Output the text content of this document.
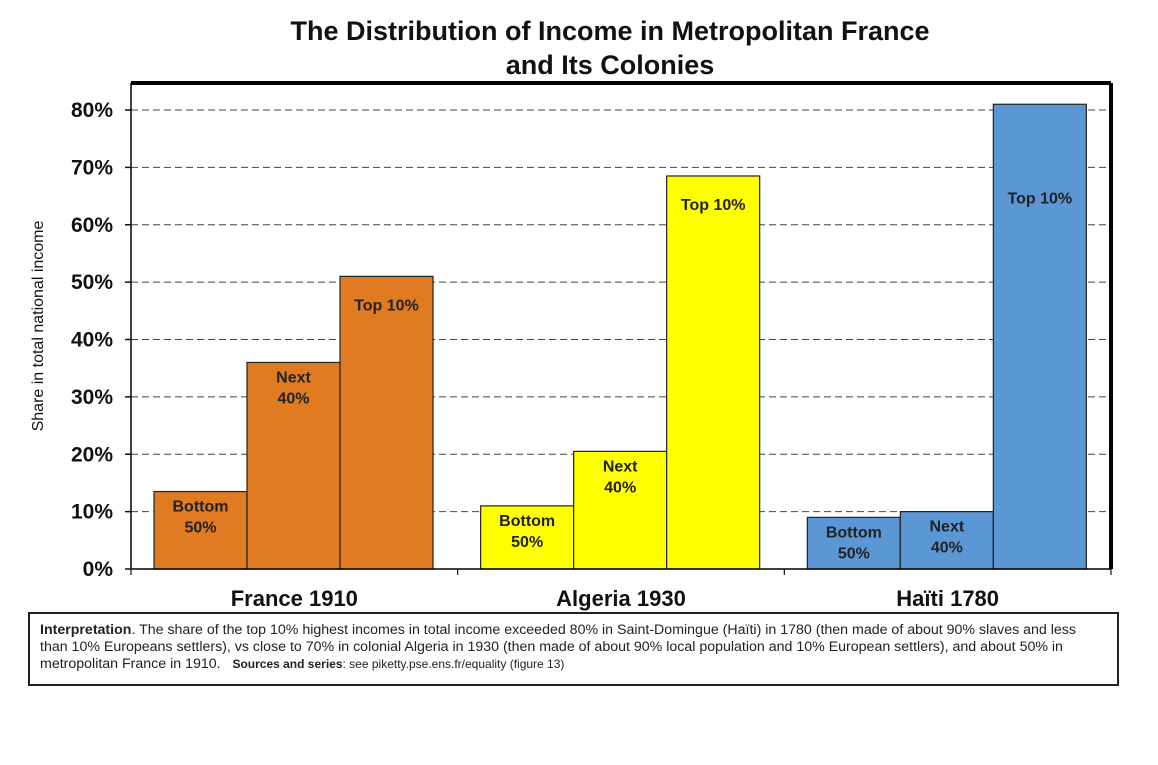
The Distribution of Income in Metropolitan France
and Its Colonies
0%
10%
20%
30%
40%
50%
60%
70%
80%
Share in total national income
Bottom
50%
Next
40%
Top 10%
France 1910
Bottom
50%
Next
40%
Top 10%
Algeria 1930
Bottom
50%
Next
40%
Top 10%
Haïti 1780
Interpretation. The share of the top 10% highest incomes in total income exceeded 80% in Saint-Domingue (Haïti) in 1780 (then made of about 90% slaves and less than 10% Europeans settlers), vs close to 70% in colonial Algeria in 1930 (then made of about 90% local population and 10% European settlers), and about 50% in metropolitan France in 1910. Sources and series: see piketty.pse.ens.fr/equality (figure 13)
